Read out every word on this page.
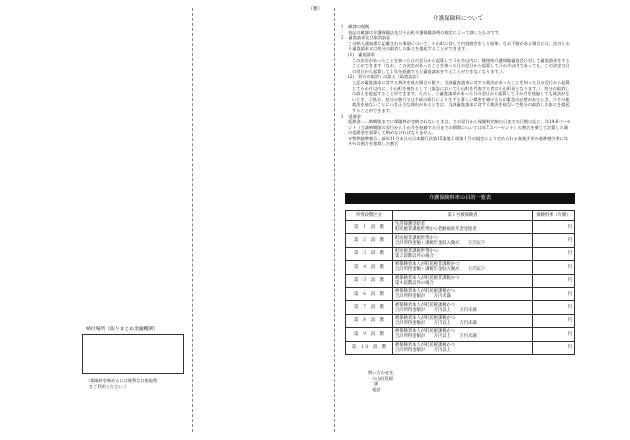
（裏）
納付場所（取りまとめ金融機関）
（保険料を納めるには便利な口座振替
をご利用ください。）
介護保険料について
１　賦課の根拠
表記の賦課は介護保険法及び小山町介護保険条例の規定によって課したものです。
２　審査請求及び取消訴訟
この納入通知書に記載された事項について、小山町に対して内容照会をした結果、なお不服がある場合には、次のとおり審査請求又は処分の取消しの訴えを提起することができます。
(1)　審査請求
この決定があったことを知った日の翌日から起算して３か月以内に、静岡県介護保険審査会に対して審査請求をすることができます（なお、この決定があったことを知った日の翌日から起算して３か月以内であっても、この決定の日の翌日から起算して１年を経過すると審査請求をすることができなくなります。）。
(2)　処分の取消しの訴え（取消訴訟）
上記の審査請求に対する裁決を経た場合に限り、当該審査請求に対する裁決があったことを知った日の翌日から起算して６か月以内に、小山町を被告として（訴訟において小山町を代表する者は小山町長となります。）、処分の取消しの訴えを提起することができます。ただし、①審査請求があった日の翌日から起算して３か月を経過しても裁決がないとき、②処分、処分の執行又は手続の続行により生ずる著しい損害を避けるため緊急の必要があるとき、③その他裁決を経ないことにつき正当な理由があるときは、当該審査請求に対する裁決を経ないで処分の取消しの訴えを提起することができます。
３　延滞金
延滞金……納期限までに保険料が完納されないときは、その翌日から保険料完納の日までの日数に応じ、年14.6パーセント（当該納期限の翌日から１か月を経過する日までの期間については年7.3パーセント）の割合を乗じて計算した額の延滞金を加算して納めなければなりません。
※特例基準割合…前年11月末日の日本銀行法第15条第１項第１号の規定により定められる商業手形の基準割引率に年４％の割合を加算した割合
介護保険料率の目的一覧表
所得段階区分	第１号被保険者	保険料率（年額）
第　１　段　階	生活保護受給者
町民税非課税世帯かつ老齢福祉年金受給者	円
第　２　段　階	町民税非課税世帯かつ
合計所得金額＋課税年金収入額が　　万円以下	円
第　３　段　階	町民税非課税世帯かつ
第２段階以外の場合	円
第　４　段　階	被保険者本人が町民税非課税かつ
合計所得金額＋課税年金収入額が　　万円以下	円
第　５　段　階	被保険者本人が町民税非課税かつ
第４段階以外の場合	円
第　６　段　階	被保険者本人が町民税課税かつ
合計所得金額が　　万円未満	円
第　７　段　階	被保険者本人が町民税課税かつ
合計所得金額が　　万円以上　　万円未満	円
第　８　段　階	被保険者本人が町民税課税かつ
合計所得金額が　　万円以上　　万円未満	円
第　９　段　階	被保険者本人が町民税課税かつ
合計所得金額が　　万円以上　　万円未満	円
第　１０　段　階	被保険者本人が町民税課税かつ
合計所得金額が　　万円以上	円
問い合わせ先
小山町役場
課
電話
